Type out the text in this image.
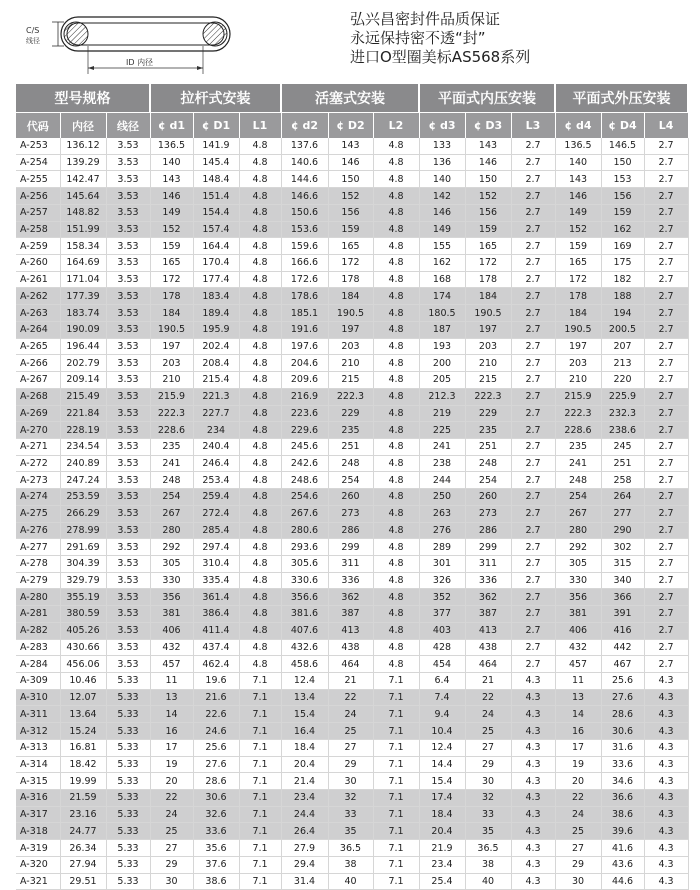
C/S
线径
ID 内径
弘兴昌密封件品质保证
永远保持密不透“封”
进口O型圈美标AS568系列
型号规格			拉杆式安装			活塞式安装			平面式内压安装			平面式外压安装		
代码	内径	线径	¢ d1	¢ D1	L1	¢ d2	¢ D2	L2	¢ d3	¢ D3	L3	¢ d4	¢ D4	L4
A-253	136.12	3.53	136.5	141.9	4.8	137.6	143	4.8	133	143	2.7	136.5	146.5	2.7
A-254	139.29	3.53	140	145.4	4.8	140.6	146	4.8	136	146	2.7	140	150	2.7
A-255	142.47	3.53	143	148.4	4.8	144.6	150	4.8	140	150	2.7	143	153	2.7
A-256	145.64	3.53	146	151.4	4.8	146.6	152	4.8	142	152	2.7	146	156	2.7
A-257	148.82	3.53	149	154.4	4.8	150.6	156	4.8	146	156	2.7	149	159	2.7
A-258	151.99	3.53	152	157.4	4.8	153.6	159	4.8	149	159	2.7	152	162	2.7
A-259	158.34	3.53	159	164.4	4.8	159.6	165	4.8	155	165	2.7	159	169	2.7
A-260	164.69	3.53	165	170.4	4.8	166.6	172	4.8	162	172	2.7	165	175	2.7
A-261	171.04	3.53	172	177.4	4.8	172.6	178	4.8	168	178	2.7	172	182	2.7
A-262	177.39	3.53	178	183.4	4.8	178.6	184	4.8	174	184	2.7	178	188	2.7
A-263	183.74	3.53	184	189.4	4.8	185.1	190.5	4.8	180.5	190.5	2.7	184	194	2.7
A-264	190.09	3.53	190.5	195.9	4.8	191.6	197	4.8	187	197	2.7	190.5	200.5	2.7
A-265	196.44	3.53	197	202.4	4.8	197.6	203	4.8	193	203	2.7	197	207	2.7
A-266	202.79	3.53	203	208.4	4.8	204.6	210	4.8	200	210	2.7	203	213	2.7
A-267	209.14	3.53	210	215.4	4.8	209.6	215	4.8	205	215	2.7	210	220	2.7
A-268	215.49	3.53	215.9	221.3	4.8	216.9	222.3	4.8	212.3	222.3	2.7	215.9	225.9	2.7
A-269	221.84	3.53	222.3	227.7	4.8	223.6	229	4.8	219	229	2.7	222.3	232.3	2.7
A-270	228.19	3.53	228.6	234	4.8	229.6	235	4.8	225	235	2.7	228.6	238.6	2.7
A-271	234.54	3.53	235	240.4	4.8	245.6	251	4.8	241	251	2.7	235	245	2.7
A-272	240.89	3.53	241	246.4	4.8	242.6	248	4.8	238	248	2.7	241	251	2.7
A-273	247.24	3.53	248	253.4	4.8	248.6	254	4.8	244	254	2.7	248	258	2.7
A-274	253.59	3.53	254	259.4	4.8	254.6	260	4.8	250	260	2.7	254	264	2.7
A-275	266.29	3.53	267	272.4	4.8	267.6	273	4.8	263	273	2.7	267	277	2.7
A-276	278.99	3.53	280	285.4	4.8	280.6	286	4.8	276	286	2.7	280	290	2.7
A-277	291.69	3.53	292	297.4	4.8	293.6	299	4.8	289	299	2.7	292	302	2.7
A-278	304.39	3.53	305	310.4	4.8	305.6	311	4.8	301	311	2.7	305	315	2.7
A-279	329.79	3.53	330	335.4	4.8	330.6	336	4.8	326	336	2.7	330	340	2.7
A-280	355.19	3.53	356	361.4	4.8	356.6	362	4.8	352	362	2.7	356	366	2.7
A-281	380.59	3.53	381	386.4	4.8	381.6	387	4.8	377	387	2.7	381	391	2.7
A-282	405.26	3.53	406	411.4	4.8	407.6	413	4.8	403	413	2.7	406	416	2.7
A-283	430.66	3.53	432	437.4	4.8	432.6	438	4.8	428	438	2.7	432	442	2.7
A-284	456.06	3.53	457	462.4	4.8	458.6	464	4.8	454	464	2.7	457	467	2.7
A-309	10.46	5.33	11	19.6	7.1	12.4	21	7.1	6.4	21	4.3	11	25.6	4.3
A-310	12.07	5.33	13	21.6	7.1	13.4	22	7.1	7.4	22	4.3	13	27.6	4.3
A-311	13.64	5.33	14	22.6	7.1	15.4	24	7.1	9.4	24	4.3	14	28.6	4.3
A-312	15.24	5.33	16	24.6	7.1	16.4	25	7.1	10.4	25	4.3	16	30.6	4.3
A-313	16.81	5.33	17	25.6	7.1	18.4	27	7.1	12.4	27	4.3	17	31.6	4.3
A-314	18.42	5.33	19	27.6	7.1	20.4	29	7.1	14.4	29	4.3	19	33.6	4.3
A-315	19.99	5.33	20	28.6	7.1	21.4	30	7.1	15.4	30	4.3	20	34.6	4.3
A-316	21.59	5.33	22	30.6	7.1	23.4	32	7.1	17.4	32	4.3	22	36.6	4.3
A-317	23.16	5.33	24	32.6	7.1	24.4	33	7.1	18.4	33	4.3	24	38.6	4.3
A-318	24.77	5.33	25	33.6	7.1	26.4	35	7.1	20.4	35	4.3	25	39.6	4.3
A-319	26.34	5.33	27	35.6	7.1	27.9	36.5	7.1	21.9	36.5	4.3	27	41.6	4.3
A-320	27.94	5.33	29	37.6	7.1	29.4	38	7.1	23.4	38	4.3	29	43.6	4.3
A-321	29.51	5.33	30	38.6	7.1	31.4	40	7.1	25.4	40	4.3	30	44.6	4.3
